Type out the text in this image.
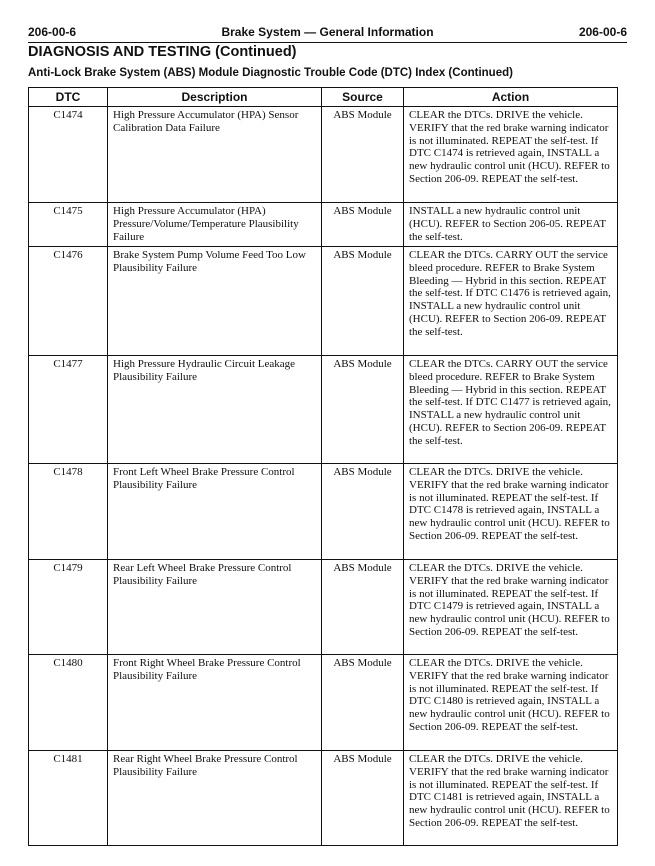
206-00-6	Brake System — General Information	206-00-6
DIAGNOSIS AND TESTING (Continued)
Anti-Lock Brake System (ABS) Module Diagnostic Trouble Code (DTC) Index (Continued)
DTC	Description	Source	Action
C1474	High Pressure Accumulator (HPA) Sensor Calibration Data Failure	ABS Module	CLEAR the DTCs. DRIVE the vehicle. VERIFY that the red brake warning indicator is not illuminated. REPEAT the self-test. If DTC C1474 is retrieved again, INSTALL a new hydraulic control unit (HCU). REFER to Section 206-09. REPEAT the self-test.
C1475	High Pressure Accumulator (HPA) Pressure/Volume/Temperature Plausibility Failure	ABS Module	INSTALL a new hydraulic control unit (HCU). REFER to Section 206-05. REPEAT the self-test.
C1476	Brake System Pump Volume Feed Too Low Plausibility Failure	ABS Module	CLEAR the DTCs. CARRY OUT the service bleed procedure. REFER to Brake System Bleeding — Hybrid in this section. REPEAT the self-test. If DTC C1476 is retrieved again, INSTALL a new hydraulic control unit (HCU). REFER to Section 206-09. REPEAT the self-test.
C1477	High Pressure Hydraulic Circuit Leakage Plausibility Failure	ABS Module	CLEAR the DTCs. CARRY OUT the service bleed procedure. REFER to Brake System Bleeding — Hybrid in this section. REPEAT the self-test. If DTC C1477 is retrieved again, INSTALL a new hydraulic control unit (HCU). REFER to Section 206-09. REPEAT the self-test.
C1478	Front Left Wheel Brake Pressure Control Plausibility Failure	ABS Module	CLEAR the DTCs. DRIVE the vehicle. VERIFY that the red brake warning indicator is not illuminated. REPEAT the self-test. If DTC C1478 is retrieved again, INSTALL a new hydraulic control unit (HCU). REFER to Section 206-09. REPEAT the self-test.
C1479	Rear Left Wheel Brake Pressure Control Plausibility Failure	ABS Module	CLEAR the DTCs. DRIVE the vehicle. VERIFY that the red brake warning indicator is not illuminated. REPEAT the self-test. If DTC C1479 is retrieved again, INSTALL a new hydraulic control unit (HCU). REFER to Section 206-09. REPEAT the self-test.
C1480	Front Right Wheel Brake Pressure Control Plausibility Failure	ABS Module	CLEAR the DTCs. DRIVE the vehicle. VERIFY that the red brake warning indicator is not illuminated. REPEAT the self-test. If DTC C1480 is retrieved again, INSTALL a new hydraulic control unit (HCU). REFER to Section 206-09. REPEAT the self-test.
C1481	Rear Right Wheel Brake Pressure Control Plausibility Failure	ABS Module	CLEAR the DTCs. DRIVE the vehicle. VERIFY that the red brake warning indicator is not illuminated. REPEAT the self-test. If DTC C1481 is retrieved again, INSTALL a new hydraulic control unit (HCU). REFER to Section 206-09. REPEAT the self-test.
